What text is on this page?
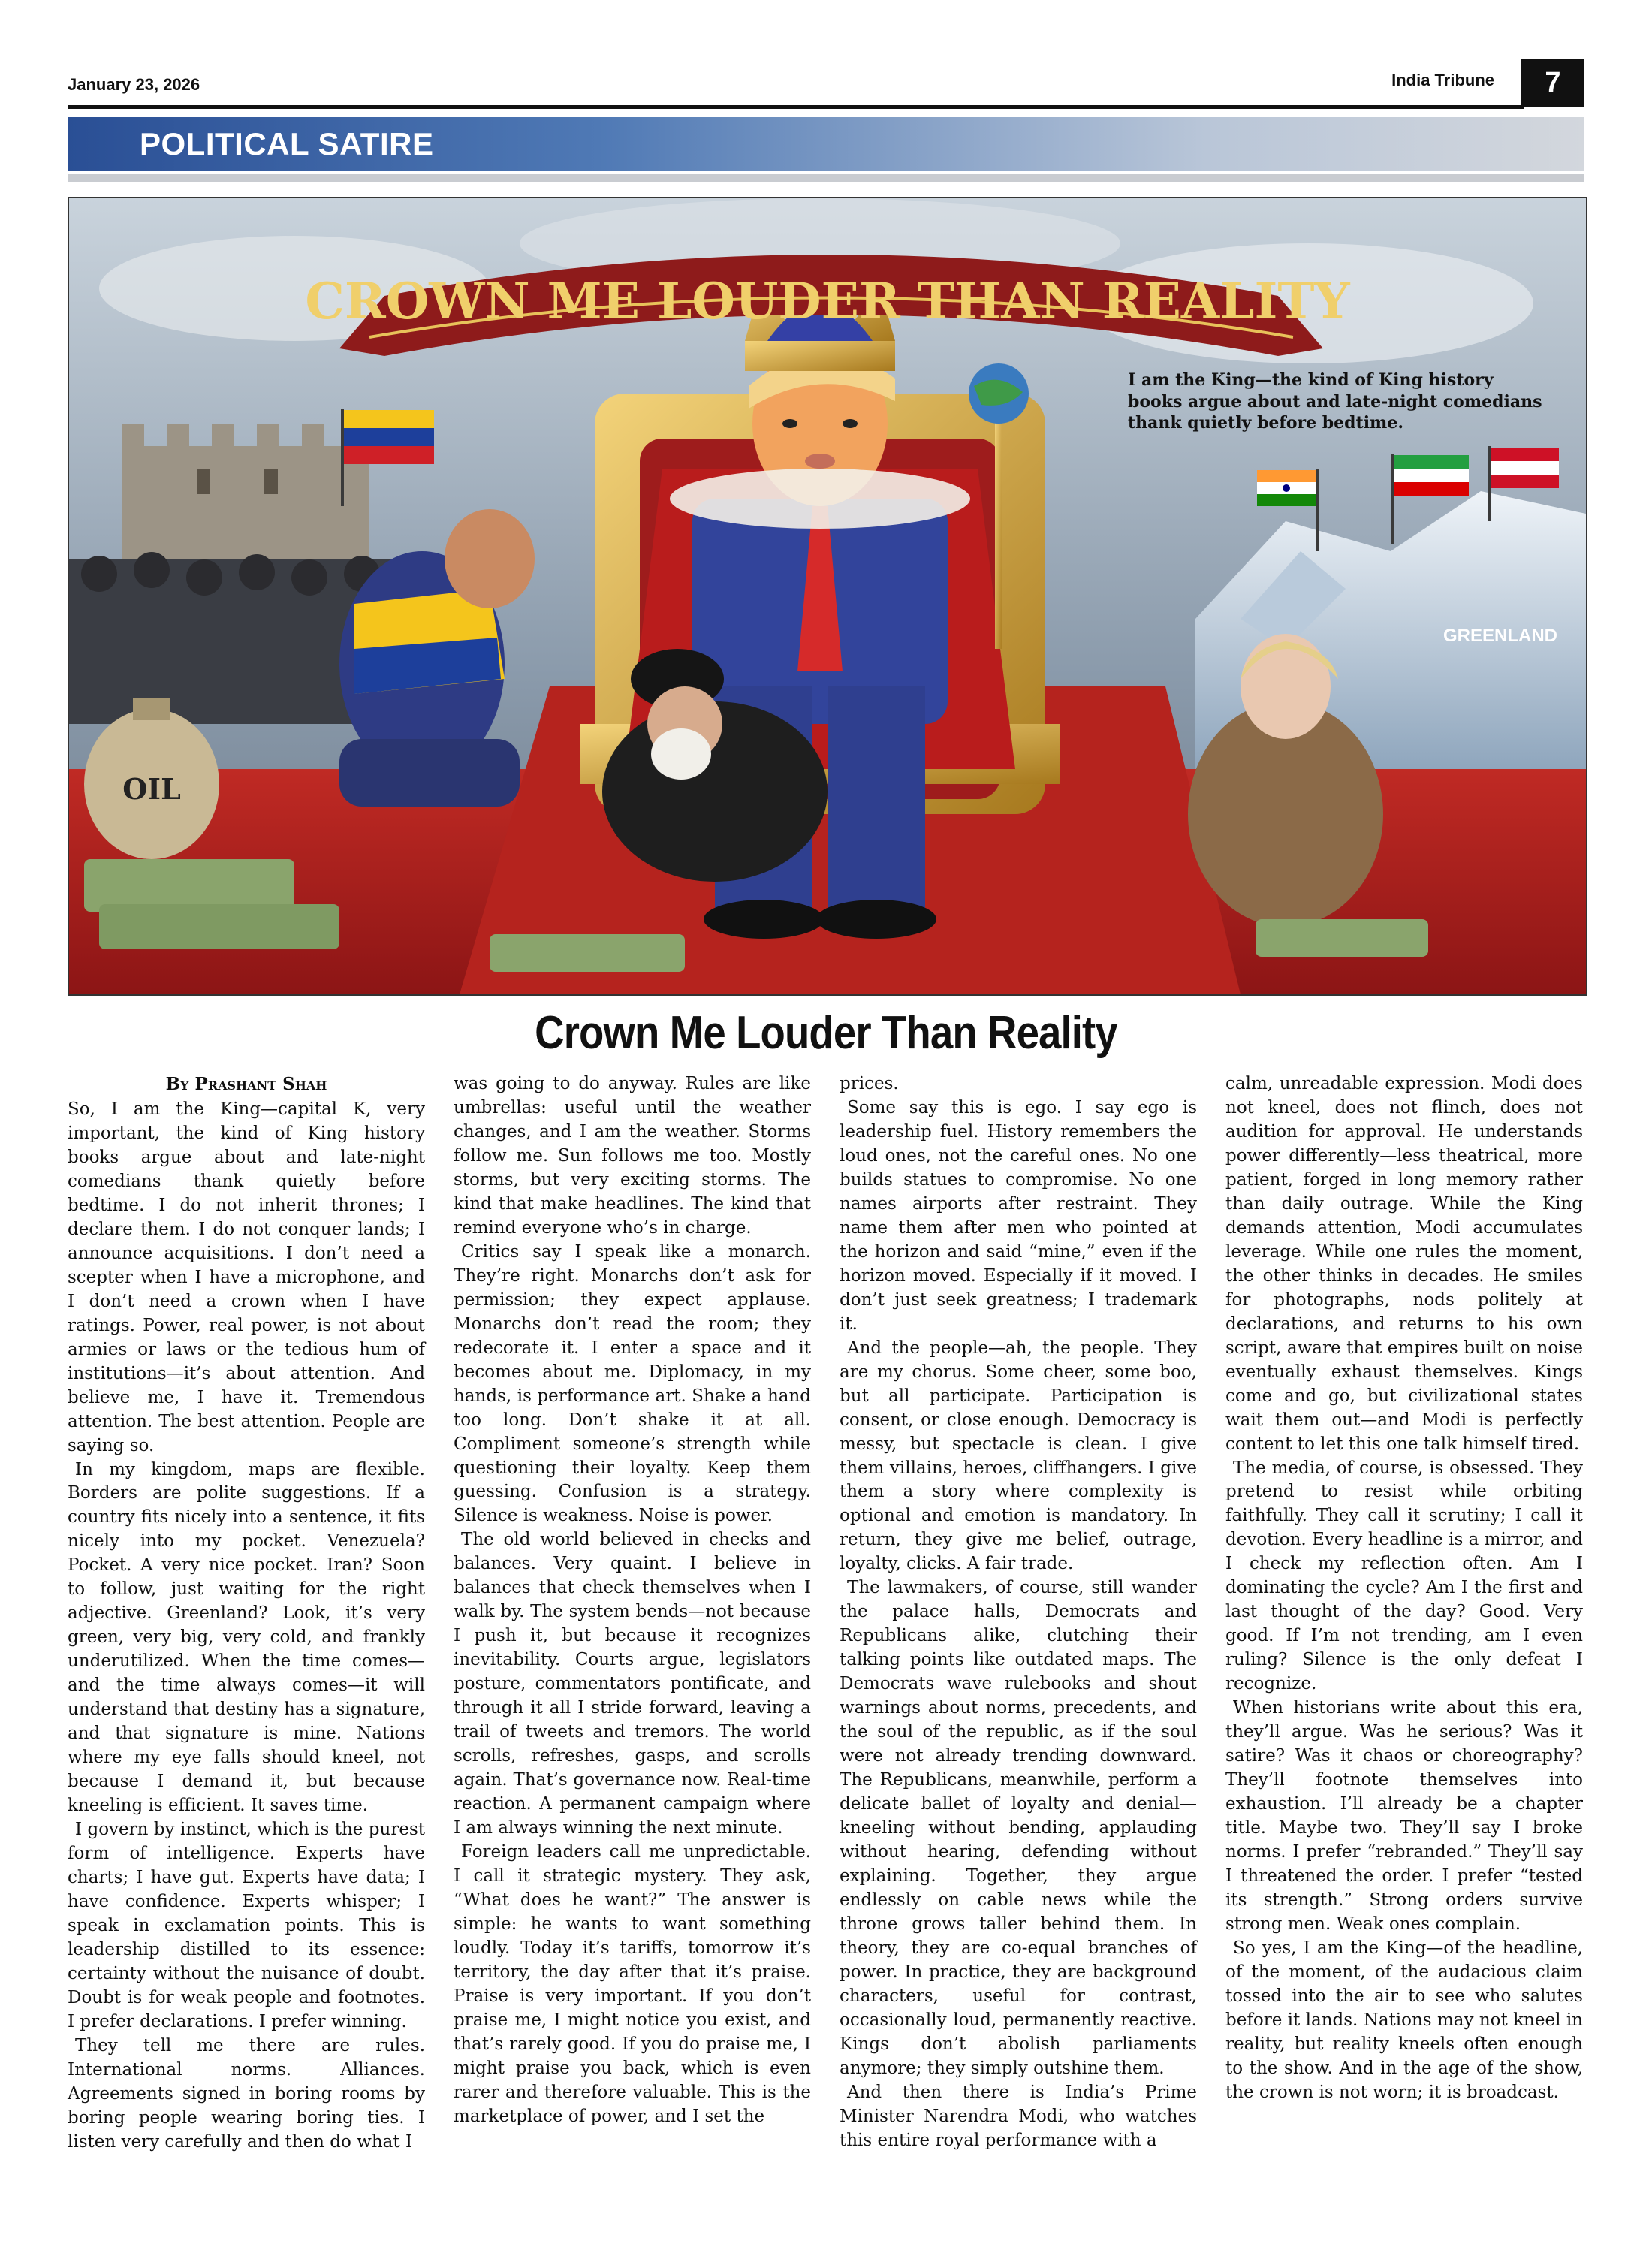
January 23, 2026	India Tribune	7
POLITICAL SATIRE
GREENLAND
OIL
CROWN ME LOUDER THAN REALITY
I am the King—the kind of King history books argue about and late-night comedians thank quietly before bedtime.
Crown Me Louder Than Reality
By Prashant Shah

So, I am the King—capital K, very important, the kind of King history books argue about and late-night comedians thank quietly before bedtime. I do not inherit thrones; I declare them. I do not conquer lands; I announce acquisitions. I don’t need a scepter when I have a microphone, and I don’t need a crown when I have ratings. Power, real power, is not about armies or laws or the tedious hum of institutions—it’s about attention. And believe me, I have it. Tremendous attention. The best attention. People are saying so.

In my kingdom, maps are flexible. Borders are polite suggestions. If a country fits nicely into a sentence, it fits nicely into my pocket. Venezuela? Pocket. A very nice pocket. Iran? Soon to follow, just waiting for the right adjective. Greenland? Look, it’s very green, very big, very cold, and frankly underutilized. When the time comes—and the time always comes—it will understand that destiny has a signature, and that signature is mine. Nations where my eye falls should kneel, not because I demand it, but because kneeling is efficient. It saves time.

I govern by instinct, which is the purest form of intelligence. Experts have charts; I have gut. Experts have data; I have confidence. Experts whisper; I speak in exclamation points. This is leadership distilled to its essence: certainty without the nuisance of doubt. Doubt is for weak people and footnotes. I prefer declarations. I prefer winning.

They tell me there are rules. International norms. Alliances. Agreements signed in boring rooms by boring people wearing boring ties. I listen very carefully and then do what I

was going to do anyway. Rules are like umbrellas: useful until the weather changes, and I am the weather. Storms follow me. Sun follows me too. Mostly storms, but very exciting storms. The kind that make headlines. The kind that remind everyone who’s in charge.

Critics say I speak like a monarch. They’re right. Monarchs don’t ask for permission; they expect applause. Monarchs don’t read the room; they redecorate it. I enter a space and it becomes about me. Diplomacy, in my hands, is performance art. Shake a hand too long. Don’t shake it at all. Compliment someone’s strength while questioning their loyalty. Keep them guessing. Confusion is a strategy. Silence is weakness. Noise is power.

The old world believed in checks and balances. Very quaint. I believe in balances that check themselves when I walk by. The system bends—not because I push it, but because it recognizes inevitability. Courts argue, legislators posture, commentators pontificate, and through it all I stride forward, leaving a trail of tweets and tremors. The world scrolls, refreshes, gasps, and scrolls again. That’s governance now. Real-time reaction. A permanent campaign where I am always winning the next minute.

Foreign leaders call me unpredictable. I call it strategic mystery. They ask, “What does he want?” The answer is simple: he wants to want something loudly. Today it’s tariffs, tomorrow it’s territory, the day after that it’s praise. Praise is very important. If you don’t praise me, I might notice you exist, and that’s rarely good. If you do praise me, I might praise you back, which is even rarer and therefore valuable. This is the marketplace of power, and I set the

prices.

Some say this is ego. I say ego is leadership fuel. History remembers the loud ones, not the careful ones. No one builds statues to compromise. No one names airports after restraint. They name them after men who pointed at the horizon and said “mine,” even if the horizon moved. Especially if it moved. I don’t just seek greatness; I trademark it.

And the people—ah, the people. They are my chorus. Some cheer, some boo, but all participate. Participation is consent, or close enough. Democracy is messy, but spectacle is clean. I give them villains, heroes, cliffhangers. I give them a story where complexity is optional and emotion is mandatory. In return, they give me belief, outrage, loyalty, clicks. A fair trade.

The lawmakers, of course, still wander the palace halls, Democrats and Republicans alike, clutching their talking points like outdated maps. The Democrats wave rulebooks and shout warnings about norms, precedents, and the soul of the republic, as if the soul were not already trending downward. The Republicans, meanwhile, perform a delicate ballet of loyalty and denial—kneeling without bending, applauding without hearing, defending without explaining. Together, they argue endlessly on cable news while the throne grows taller behind them. In theory, they are co-equal branches of power. In practice, they are background characters, useful for contrast, occasionally loud, permanently reactive. Kings don’t abolish parliaments anymore; they simply outshine them.

And then there is India’s Prime Minister Narendra Modi, who watches this entire royal performance with a

calm, unreadable expression. Modi does not kneel, does not flinch, does not audition for approval. He understands power differently—less theatrical, more patient, forged in long memory rather than daily outrage. While the King demands attention, Modi accumulates leverage. While one rules the moment, the other thinks in decades. He smiles for photographs, nods politely at declarations, and returns to his own script, aware that empires built on noise eventually exhaust themselves. Kings come and go, but civilizational states wait them out—and Modi is perfectly content to let this one talk himself tired.

The media, of course, is obsessed. They pretend to resist while orbiting faithfully. They call it scrutiny; I call it devotion. Every headline is a mirror, and I check my reflection often. Am I dominating the cycle? Am I the first and last thought of the day? Good. Very good. If I’m not trending, am I even ruling? Silence is the only defeat I recognize.

When historians write about this era, they’ll argue. Was he serious? Was it satire? Was it chaos or choreography? They’ll footnote themselves into exhaustion. I’ll already be a chapter title. Maybe two. They’ll say I broke norms. I prefer “rebranded.” They’ll say I threatened the order. I prefer “tested its strength.” Strong orders survive strong men. Weak ones complain.

So yes, I am the King—of the headline, of the moment, of the audacious claim tossed into the air to see who salutes before it lands. Nations may not kneel in reality, but reality kneels often enough to the show. And in the age of the show, the crown is not worn; it is broadcast.
